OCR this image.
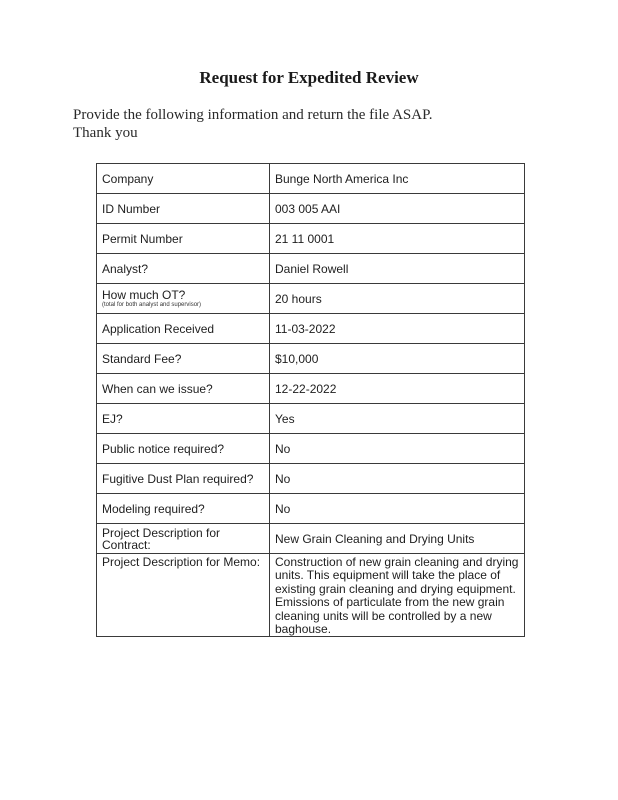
Request for Expedited Review
Provide the following information and return the file ASAP.
Thank you
Company	Bunge North America Inc
ID Number	003 005 AAI
Permit Number	21 11 0001
Analyst?	Daniel Rowell

How much OT?
(total for both analyst and supervisor)	20 hours
Application Received	11-03-2022
Standard Fee?	$10,000
When can we issue?	12-22-2022
EJ?	Yes
Public notice required?	No
Fugitive Dust Plan required?	No
Modeling required?	No
Project Description for Contract:	New Grain Cleaning and Drying Units
Project Description for Memo:	Construction of new grain cleaning and drying units. This equipment will take the place of existing grain cleaning and drying equipment. Emissions of particulate from the new grain cleaning units will be controlled by a new baghouse.
